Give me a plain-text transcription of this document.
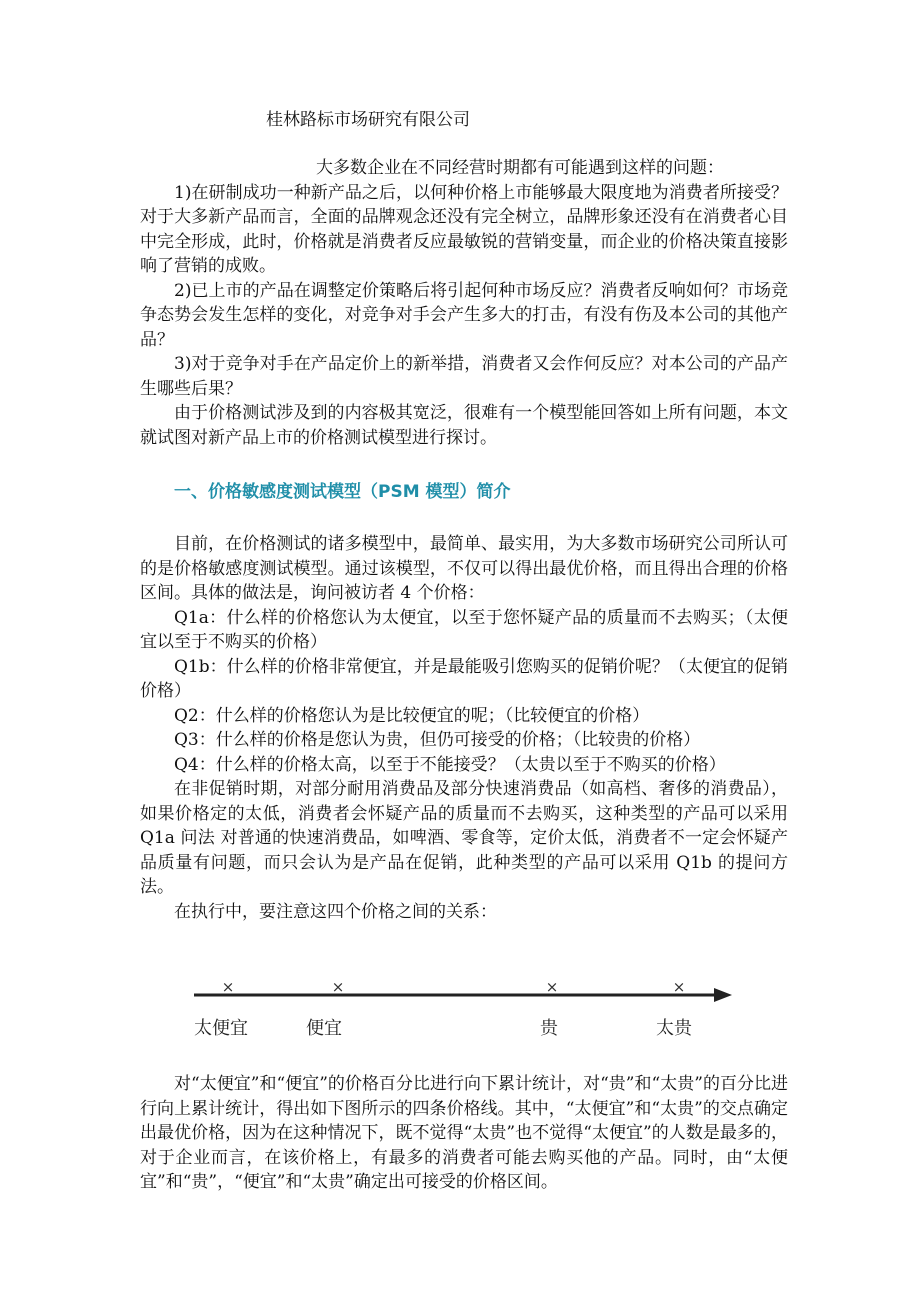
桂林路标市场研究有限公司

大多数企业在不同经营时期都有可能遇到这样的问题：

1)在研制成功一种新产品之后，以何种价格上市能够最大限度地为消费者所接受？对于大多新产品而言，全面的品牌观念还没有完全树立，品牌形象还没有在消费者心目中完全形成，此时，价格就是消费者反应最敏锐的营销变量，而企业的价格决策直接影响了营销的成败。

2)已上市的产品在调整定价策略后将引起何种市场反应？消费者反响如何？市场竞争态势会发生怎样的变化，对竞争对手会产生多大的打击，有没有伤及本公司的其他产品？

3)对于竞争对手在产品定价上的新举措，消费者又会作何反应？对本公司的产品产生哪些后果？

由于价格测试涉及到的内容极其宽泛，很难有一个模型能回答如上所有问题，本文就试图对新产品上市的价格测试模型进行探讨。

一、价格敏感度测试模型（PSM 模型）简介

目前，在价格测试的诸多模型中，最简单、最实用，为大多数市场研究公司所认可的是价格敏感度测试模型。通过该模型，不仅可以得出最优价格，而且得出合理的价格区间。具体的做法是，询问被访者 4 个价格：

Q1a：什么样的价格您认为太便宜，以至于您怀疑产品的质量而不去购买；（太便宜以至于不购买的价格）

Q1b：什么样的价格非常便宜，并是最能吸引您购买的促销价呢？（太便宜的促销价格）

Q2：什么样的价格您认为是比较便宜的呢；（比较便宜的价格）

Q3：什么样的价格是您认为贵，但仍可接受的价格；（比较贵的价格）

Q4：什么样的价格太高，以至于不能接受？（太贵以至于不购买的价格）

在非促销时期，对部分耐用消费品及部分快速消费品（如高档、奢侈的消费品），如果价格定的太低，消费者会怀疑产品的质量而不去购买，这种类型的产品可以采用 Q1a 问法 对普通的快速消费品，如啤酒、零食等，定价太低，消费者不一定会怀疑产品质量有问题，而只会认为是产品在促销，此种类型的产品可以采用 Q1b 的提问方法。

在执行中，要注意这四个价格之间的关系：

×	×	×	×
太便宜	便宜	贵	太贵

对“太便宜”和“便宜”的价格百分比进行向下累计统计，对“贵”和“太贵”的百分比进行向上累计统计，得出如下图所示的四条价格线。其中，“太便宜”和“太贵”的交点确定出最优价格，因为在这种情况下，既不觉得“太贵”也不觉得“太便宜”的人数是最多的，对于企业而言，在该价格上，有最多的消费者可能去购买他的产品。同时，由“太便宜”和“贵”，“便宜”和“太贵”确定出可接受的价格区间。
